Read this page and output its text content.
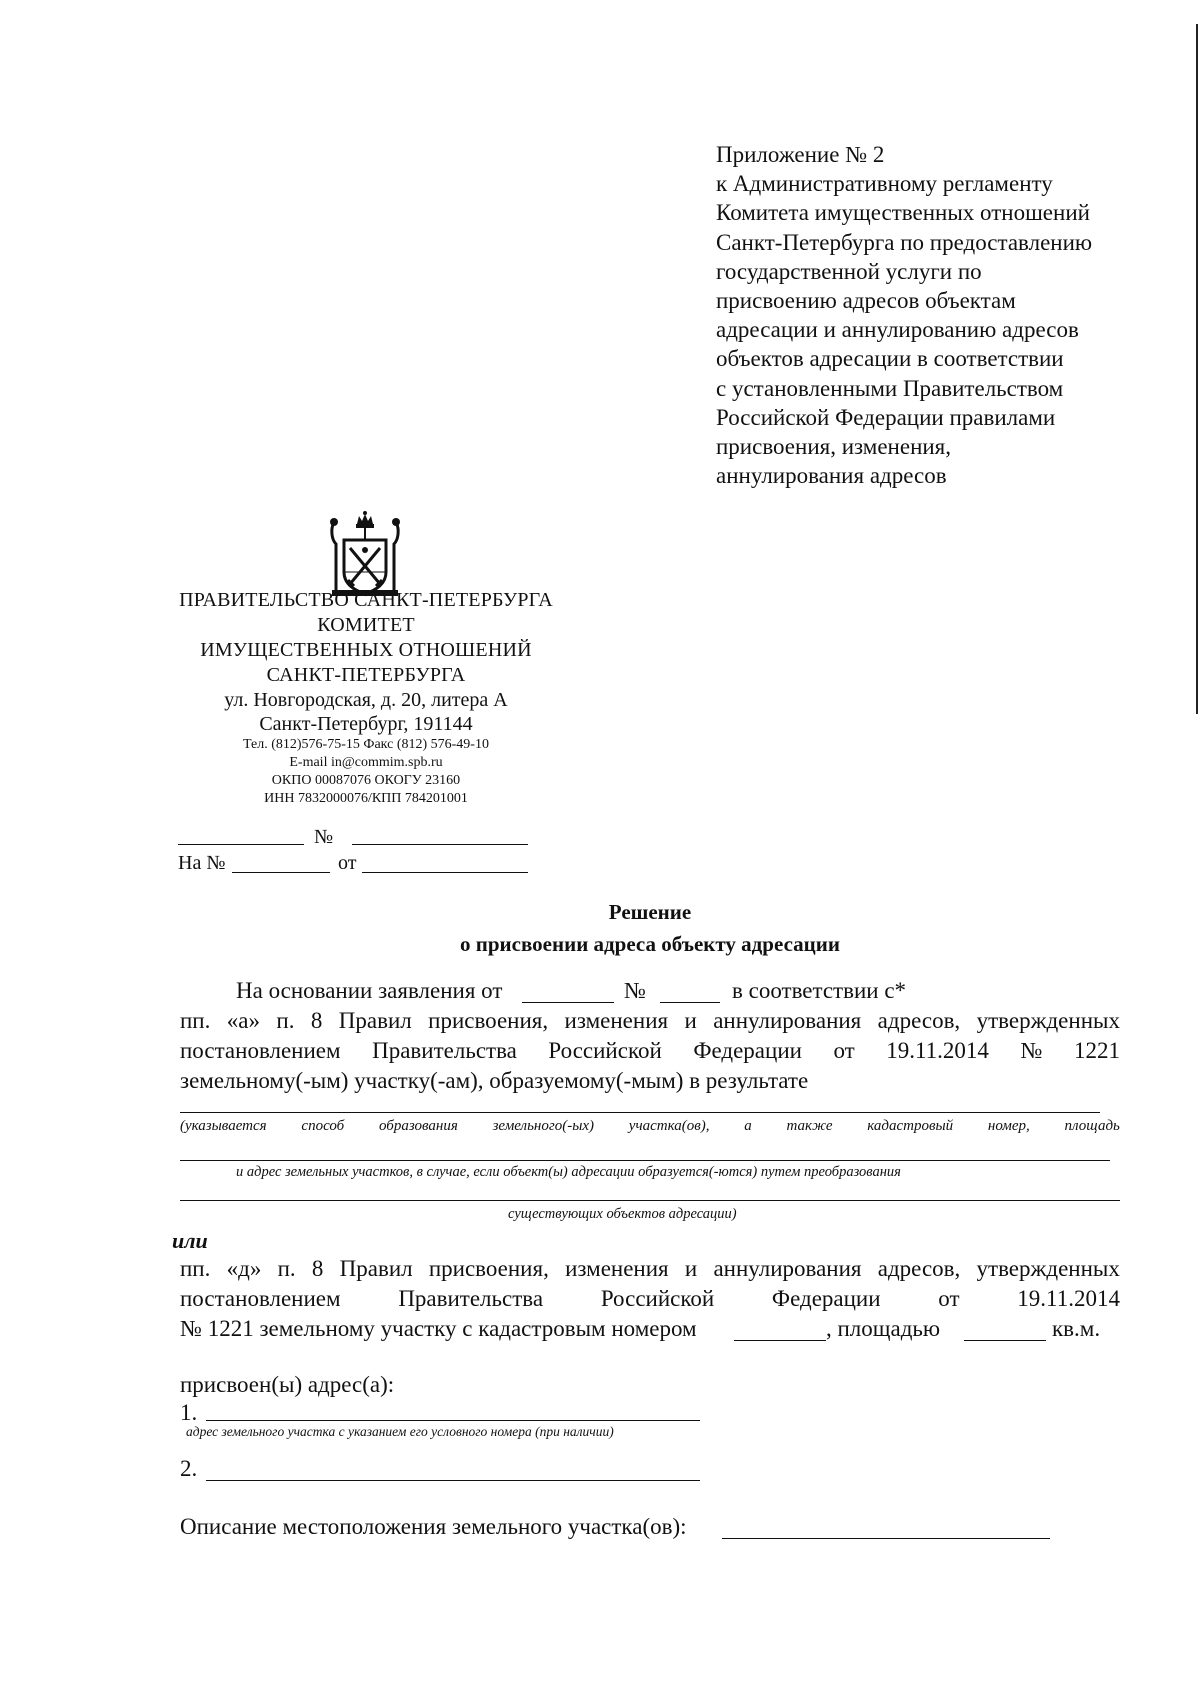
Приложение № 2
к Административному регламенту
Комитета имущественных отношений
Санкт-Петербурга по предоставлению
государственной услуги по
присвоению адресов объектам
адресации и аннулированию адресов
объектов адресации в соответствии
с установленными Правительством
Российской Федерации правилами
присвоения, изменения,
аннулирования адресов
ПРАВИТЕЛЬСТВО САНКТ-ПЕТЕРБУРГА
КОМИТЕТ
ИМУЩЕСТВЕННЫХ ОТНОШЕНИЙ
САНКТ-ПЕТЕРБУРГА
ул. Новгородская, д. 20, литера А
Санкт-Петербург, 191144
Тел. (812)576-75-15 Факс (812) 576-49-10
E-mail in@commim.spb.ru
ОКПО 00087076 ОКОГУ 23160
ИНН 7832000076/КПП 784201001
№
На №	от
Решение
о присвоении адреса объекту адресации
На основании заявления от	№	в соответствии с*
пп. «а» п. 8 Правил присвоения, изменения и аннулирования адресов, утвержденных
постановлением Правительства Российской Федерации от 19.11.2014 № 1221
земельному(-ым) участку(-ам), образуемому(-мым) в результате
(указывается способ образования земельного(-ых) участка(ов), а также кадастровый номер, площадь
и адрес земельных участков, в случае, если объект(ы) адресации образуется(-ются) путем преобразования
существующих объектов адресации)
или
пп. «д» п. 8 Правил присвоения, изменения и аннулирования адресов, утвержденных
постановлением	Правительства	Российской	Федерации	от	19.11.2014
№ 1221 земельному участку с кадастровым номером	, площадью	кв.м.
присвоен(ы) адрес(а):
1.
адрес земельного участка с указанием его условного номера (при наличии)
2.
Описание местоположения земельного участка(ов):
